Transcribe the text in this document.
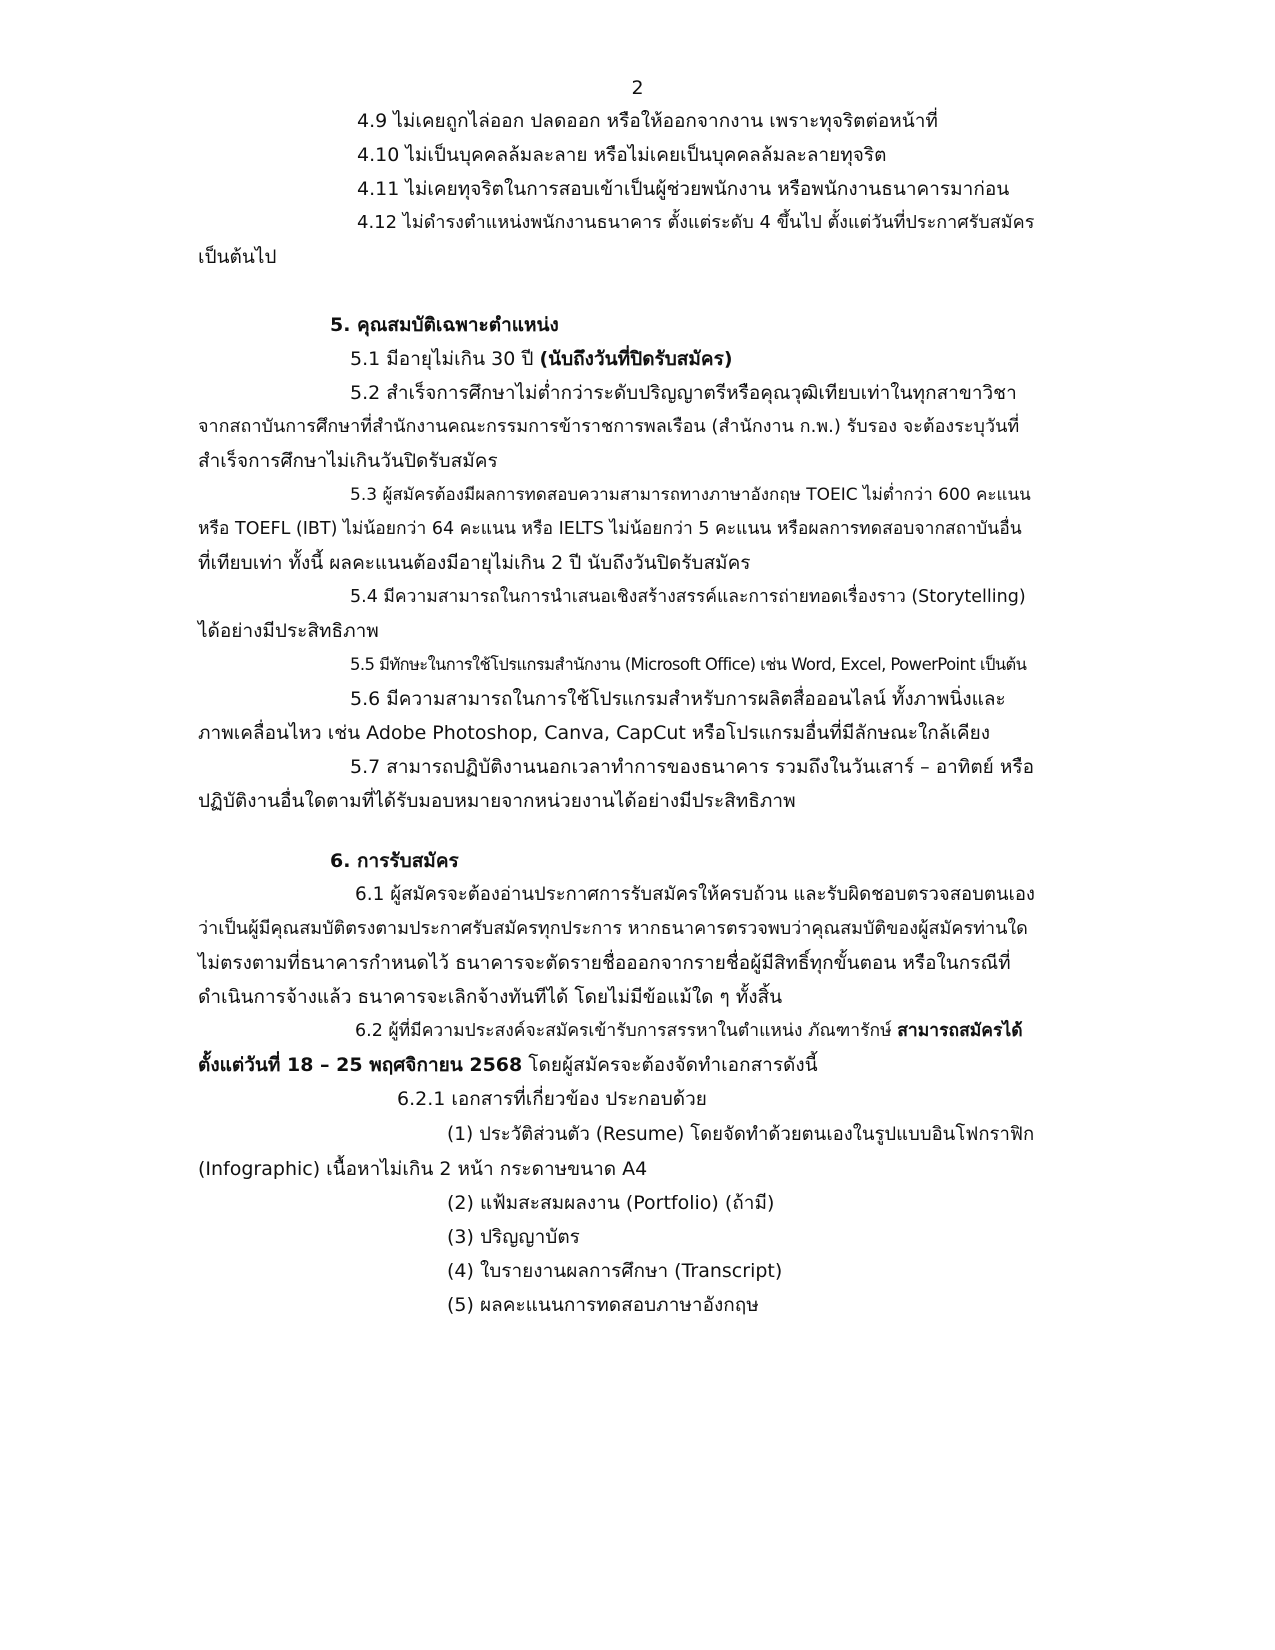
2
4.9 ไม่เคยถูกไล่ออก ปลดออก หรือให้ออกจากงาน เพราะทุจริตต่อหน้าที่
4.10 ไม่เป็นบุคคลล้มละลาย หรือไม่เคยเป็นบุคคลล้มละลายทุจริต
4.11 ไม่เคยทุจริตในการสอบเข้าเป็นผู้ช่วยพนักงาน หรือพนักงานธนาคารมาก่อน
4.12 ไม่ดำรงตำแหน่งพนักงานธนาคาร ตั้งแต่ระดับ 4 ขึ้นไป ตั้งแต่วันที่ประกาศรับสมัคร
เป็นต้นไป
5. คุณสมบัติเฉพาะตำแหน่ง
5.1 มีอายุไม่เกิน 30 ปี (นับถึงวันที่ปิดรับสมัคร)
5.2 สำเร็จการศึกษาไม่ต่ำกว่าระดับปริญญาตรีหรือคุณวุฒิเทียบเท่าในทุกสาขาวิชา
จากสถาบันการศึกษาที่สำนักงานคณะกรรมการข้าราชการพลเรือน (สำนักงาน ก.พ.) รับรอง จะต้องระบุวันที่
สำเร็จการศึกษาไม่เกินวันปิดรับสมัคร
5.3 ผู้สมัครต้องมีผลการทดสอบความสามารถทางภาษาอังกฤษ TOEIC ไม่ต่ำกว่า 600 คะแนน
หรือ TOEFL (IBT) ไม่น้อยกว่า 64 คะแนน หรือ IELTS ไม่น้อยกว่า 5 คะแนน หรือผลการทดสอบจากสถาบันอื่น
ที่เทียบเท่า ทั้งนี้ ผลคะแนนต้องมีอายุไม่เกิน 2 ปี นับถึงวันปิดรับสมัคร
5.4 มีความสามารถในการนำเสนอเชิงสร้างสรรค์และการถ่ายทอดเรื่องราว (Storytelling)
ได้อย่างมีประสิทธิภาพ
5.5 มีทักษะในการใช้โปรแกรมสำนักงาน (Microsoft Office) เช่น Word, Excel, PowerPoint เป็นต้น
5.6 มีความสามารถในการใช้โปรแกรมสำหรับการผลิตสื่อออนไลน์ ทั้งภาพนิ่งและ
ภาพเคลื่อนไหว เช่น Adobe Photoshop, Canva, CapCut หรือโปรแกรมอื่นที่มีลักษณะใกล้เคียง
5.7 สามารถปฏิบัติงานนอกเวลาทำการของธนาคาร รวมถึงในวันเสาร์ – อาทิตย์ หรือ
ปฏิบัติงานอื่นใดตามที่ได้รับมอบหมายจากหน่วยงานได้อย่างมีประสิทธิภาพ
6. การรับสมัคร
6.1 ผู้สมัครจะต้องอ่านประกาศการรับสมัครให้ครบถ้วน และรับผิดชอบตรวจสอบตนเอง
ว่าเป็นผู้มีคุณสมบัติตรงตามประกาศรับสมัครทุกประการ หากธนาคารตรวจพบว่าคุณสมบัติของผู้สมัครท่านใด
ไม่ตรงตามที่ธนาคารกำหนดไว้ ธนาคารจะตัดรายชื่อออกจากรายชื่อผู้มีสิทธิ์ทุกขั้นตอน หรือในกรณีที่
ดำเนินการจ้างแล้ว ธนาคารจะเลิกจ้างทันทีได้ โดยไม่มีข้อแม้ใด ๆ ทั้งสิ้น
6.2 ผู้ที่มีความประสงค์จะสมัครเข้ารับการสรรหาในตำแหน่ง ภัณฑารักษ์ สามารถสมัครได้
ตั้งแต่วันที่ 18 – 25 พฤศจิกายน 2568 โดยผู้สมัครจะต้องจัดทำเอกสารดังนี้
6.2.1 เอกสารที่เกี่ยวข้อง ประกอบด้วย
(1) ประวัติส่วนตัว (Resume) โดยจัดทำด้วยตนเองในรูปแบบอินโฟกราฟิก
(Infographic) เนื้อหาไม่เกิน 2 หน้า กระดาษขนาด A4
(2) แฟ้มสะสมผลงาน (Portfolio) (ถ้ามี)
(3) ปริญญาบัตร
(4) ใบรายงานผลการศึกษา (Transcript)
(5) ผลคะแนนการทดสอบภาษาอังกฤษ
